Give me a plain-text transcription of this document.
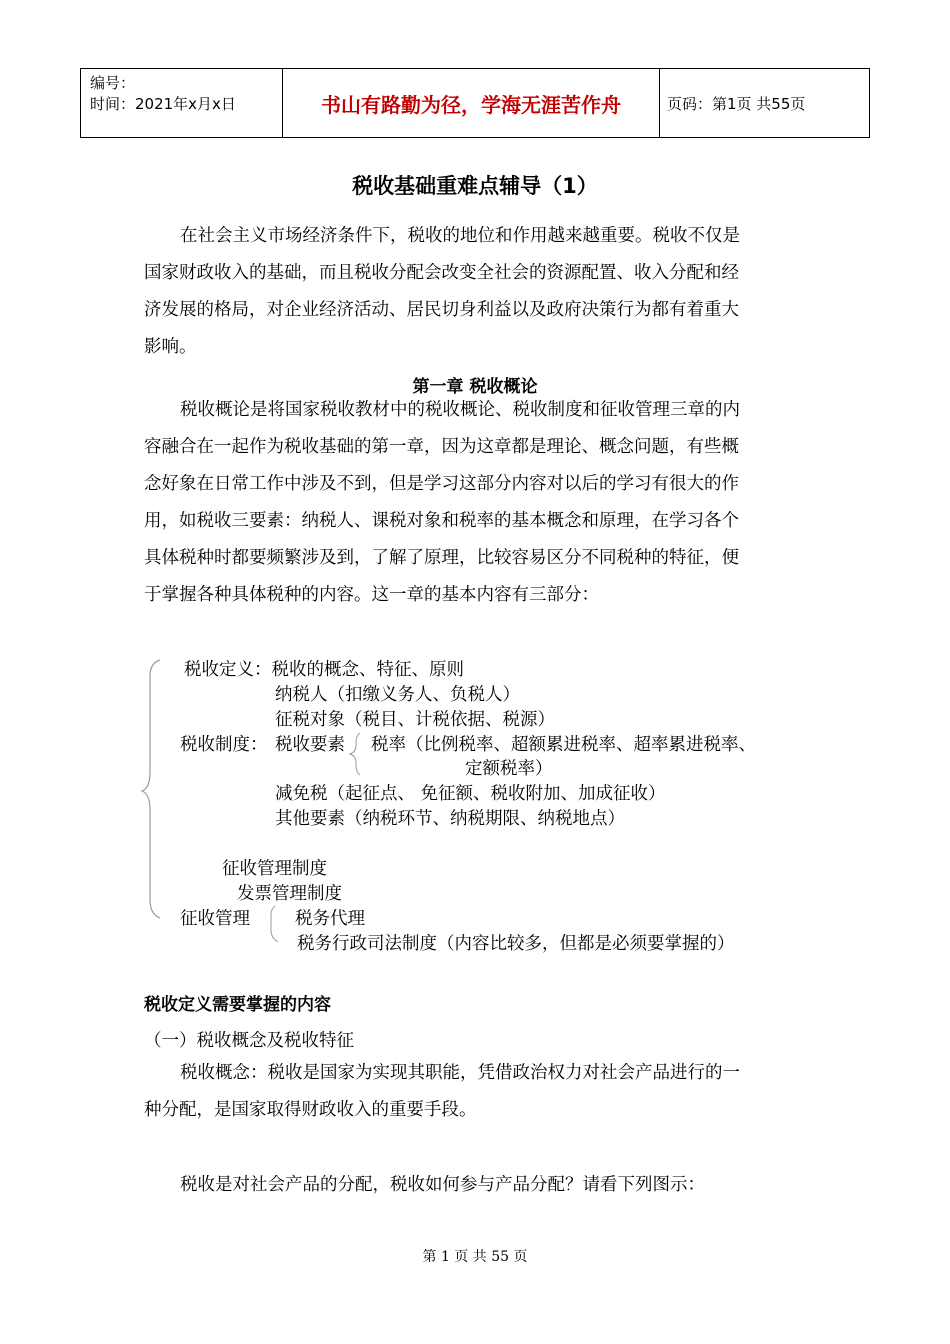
编号：
时间：2021年x月x日	书山有路勤为径，学海无涯苦作舟	页码：第1页 共55页
税收基础重难点辅导（1）
在社会主义市场经济条件下，税收的地位和作用越来越重要。税收不仅是
国家财政收入的基础，而且税收分配会改变全社会的资源配置、收入分配和经
济发展的格局，对企业经济活动、居民切身利益以及政府决策行为都有着重大
影响。
第一章 税收概论
税收概论是将国家税收教材中的税收概论、税收制度和征收管理三章的内
容融合在一起作为税收基础的第一章，因为这章都是理论、概念问题，有些概
念好象在日常工作中涉及不到，但是学习这部分内容对以后的学习有很大的作
用，如税收三要素：纳税人、课税对象和税率的基本概念和原理，在学习各个
具体税种时都要频繁涉及到，了解了原理，比较容易区分不同税种的特征，便
于掌握各种具体税种的内容。这一章的基本内容有三部分：
税收定义：税收的概念、特征、原则
纳税人（扣缴义务人、负税人）
征税对象（税目、计税依据、税源）
税收制度： 税收要素 税率（比例税率、超额累进税率、超率累进税率、
定额税率）
减免税（起征点、 免征额、税收附加、加成征收）
其他要素（纳税环节、纳税期限、纳税地点）
征收管理制度
发票管理制度
征收管理	税务代理
税务行政司法制度（内容比较多，但都是必须要掌握的）
税收定义需要掌握的内容
（一）税收概念及税收特征
税收概念：税收是国家为实现其职能，凭借政治权力对社会产品进行的一
种分配，是国家取得财政收入的重要手段。
税收是对社会产品的分配，税收如何参与产品分配？请看下列图示：
第 1 页 共 55 页
